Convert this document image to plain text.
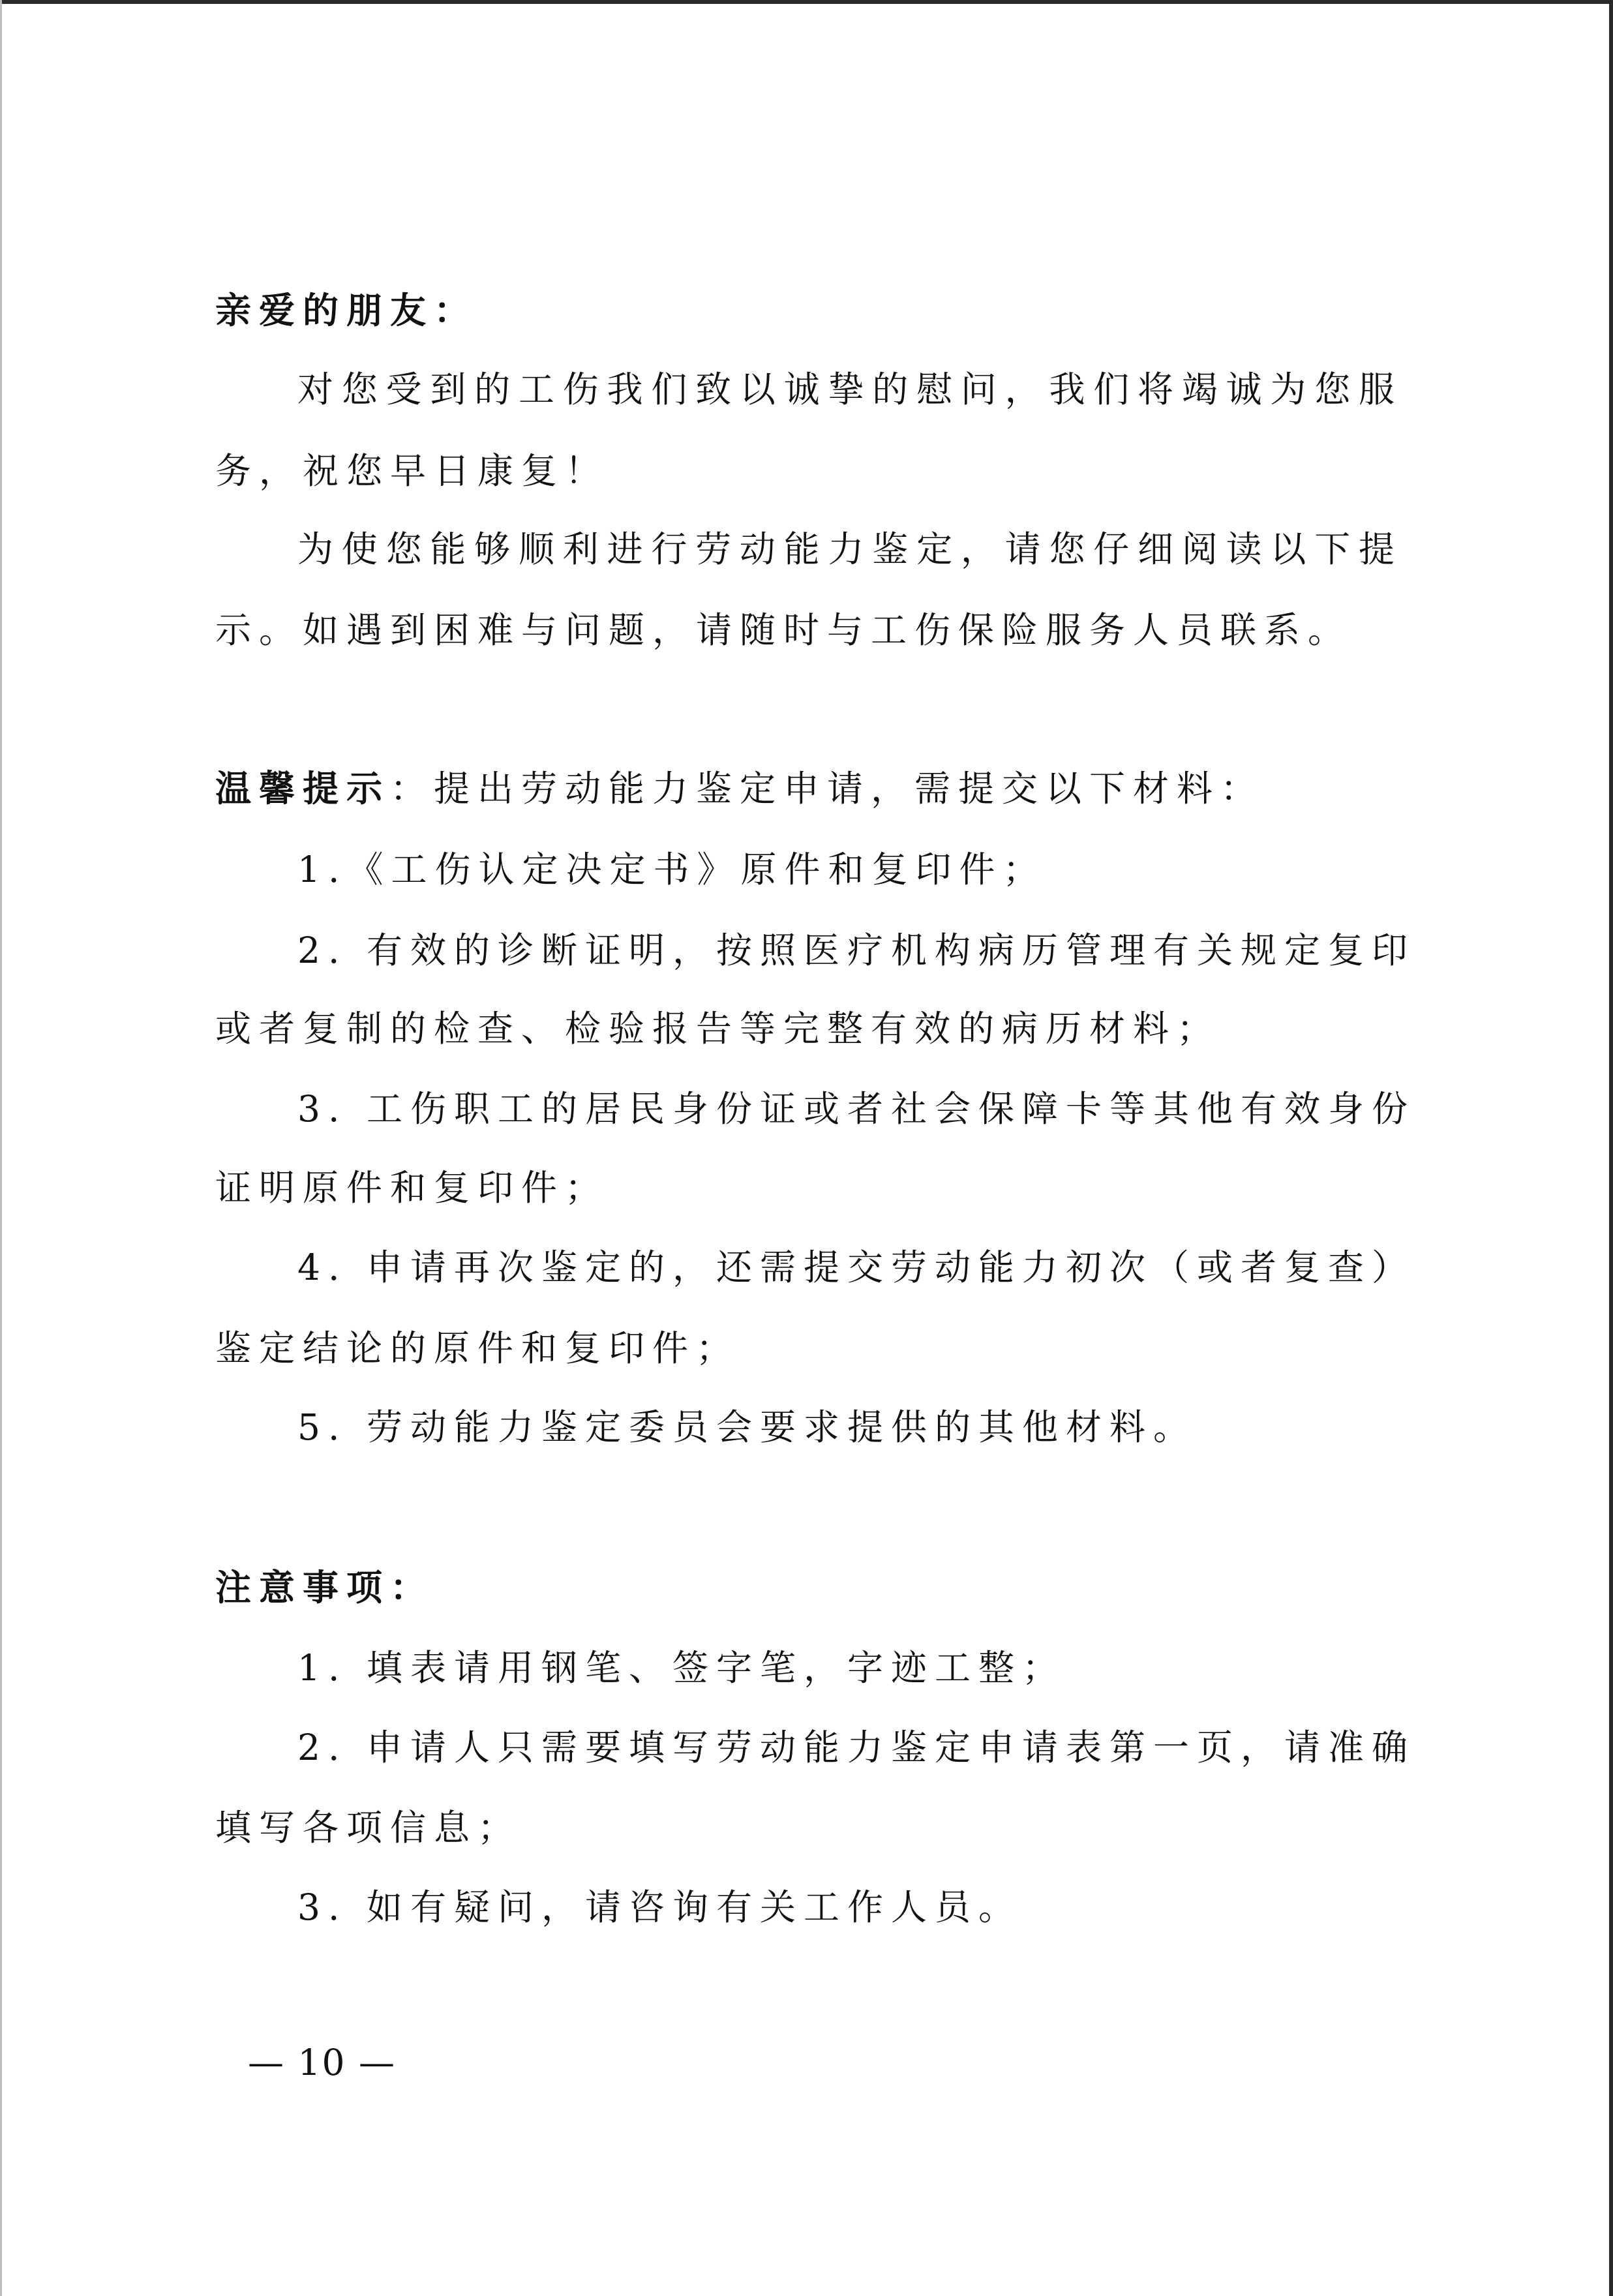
亲爱的朋友：
对您受到的工伤我们致以诚挚的慰问，我们将竭诚为您服
务，祝您早日康复！
为使您能够顺利进行劳动能力鉴定，请您仔细阅读以下提
示。如遇到困难与问题，请随时与工伤保险服务人员联系。
温馨提示：提出劳动能力鉴定申请，需提交以下材料：
1.《工伤认定决定书》原件和复印件；
2. 有效的诊断证明，按照医疗机构病历管理有关规定复印
或者复制的检查、检验报告等完整有效的病历材料；
3. 工伤职工的居民身份证或者社会保障卡等其他有效身份
证明原件和复印件；
4. 申请再次鉴定的，还需提交劳动能力初次（或者复查）
鉴定结论的原件和复印件；
5. 劳动能力鉴定委员会要求提供的其他材料。
注意事项：
1. 填表请用钢笔、签字笔，字迹工整；
2. 申请人只需要填写劳动能力鉴定申请表第一页，请准确
填写各项信息；
3. 如有疑问，请咨询有关工作人员。
— 10 —
